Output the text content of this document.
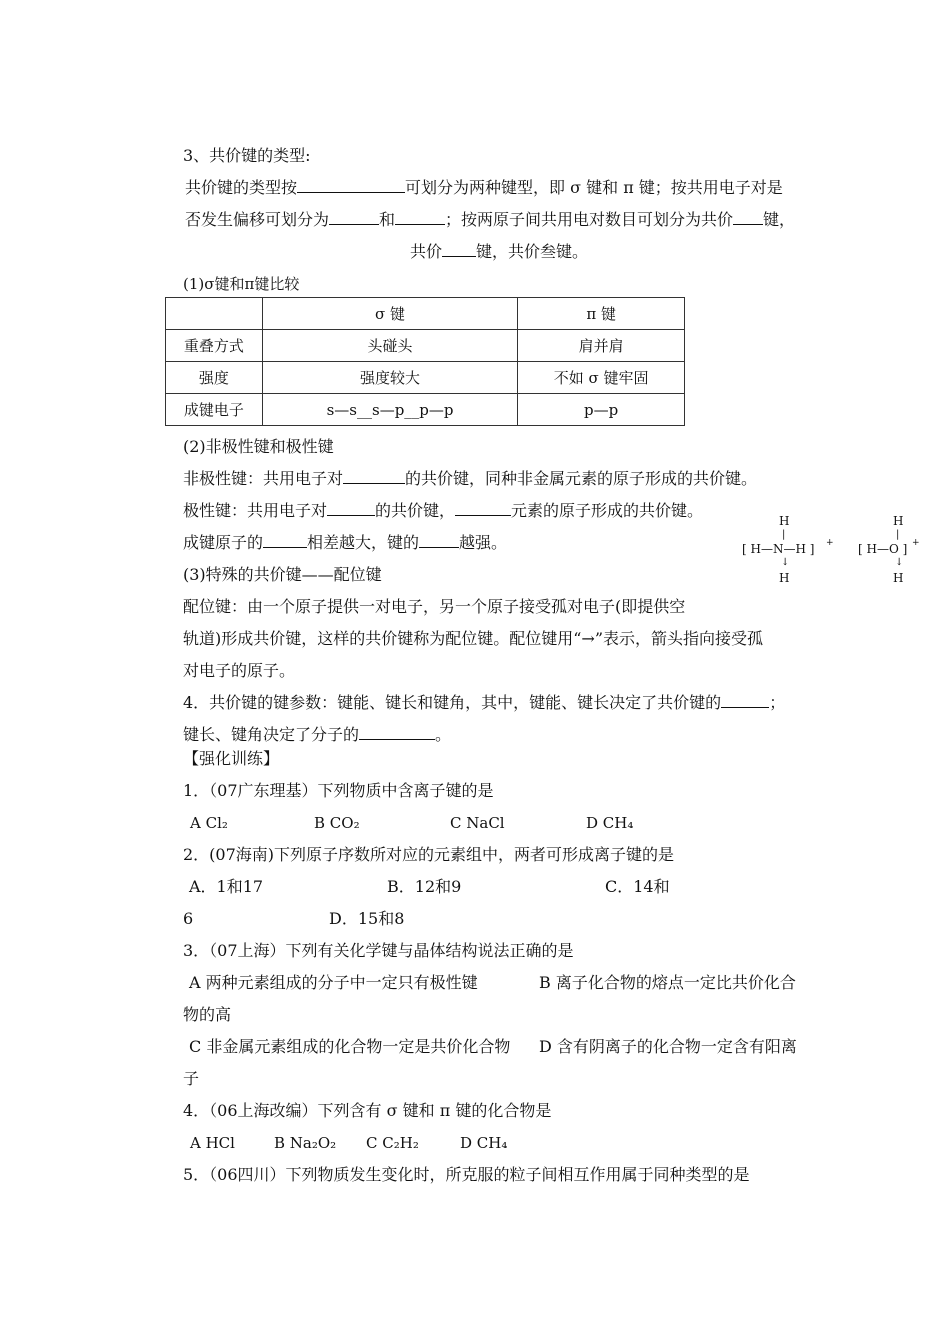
3、共价键的类型:
共价键的类型按	可划分为两种键型，即 σ 键和 π 键；按共用电子对是
否发生偏移可划分为	和	；按两原子间共用电对数目可划分为共价 键，
共价 键，共价叁键。
(1)σ键和π键比较
	σ 键	π 键
重叠方式	头碰头	肩并肩
强度	强度较大	不如 σ 键牢固
成键电子	s—s__s—p__p—p	p—p
(2)非极性键和极性键
非极性键：共用电子对	的共价键，同种非金属元素的原子形成的共价键。
极性键：共用电子对	的共价键，	元素的原子形成的共价键。
成键原子的	相差越大，键的	越强。
H
|
[ H—N—H ] +
↓
H
H
|
[ H—O ] +
↓
H
(3)特殊的共价键——配位键
配位键：由一个原子提供一对电子，另一个原子接受孤对电子(即提供空
轨道)形成共价键，这样的共价键称为配位键。配位键用“→”表示，箭头指向接受孤
对电子的原子。
4．共价键的键参数：键能、键长和键角，其中，键能、键长决定了共价键的	；
键长、键角决定了分子的	。
【强化训练】
1．（07广东理基）下列物质中含离子键的是
A Cl₂	B CO₂	C NaCl	D CH₄
2．(07海南)下列原子序数所对应的元素组中，两者可形成离子键的是
A．1和17	B．12和9	C．14和
6	D．15和8
3．（07上海）下列有关化学键与晶体结构说法正确的是
A 两种元素组成的分子中一定只有极性键	B 离子化合物的熔点一定比共价化合
物的高
C 非金属元素组成的化合物一定是共价化合物 D 含有阴离子的化合物一定含有阳离
子
4．（06上海改编）下列含有 σ 键和 π 键的化合物是
A HCl	B Na₂O₂ C C₂H₂	D CH₄
5．（06四川）下列物质发生变化时，所克服的粒子间相互作用属于同种类型的是
